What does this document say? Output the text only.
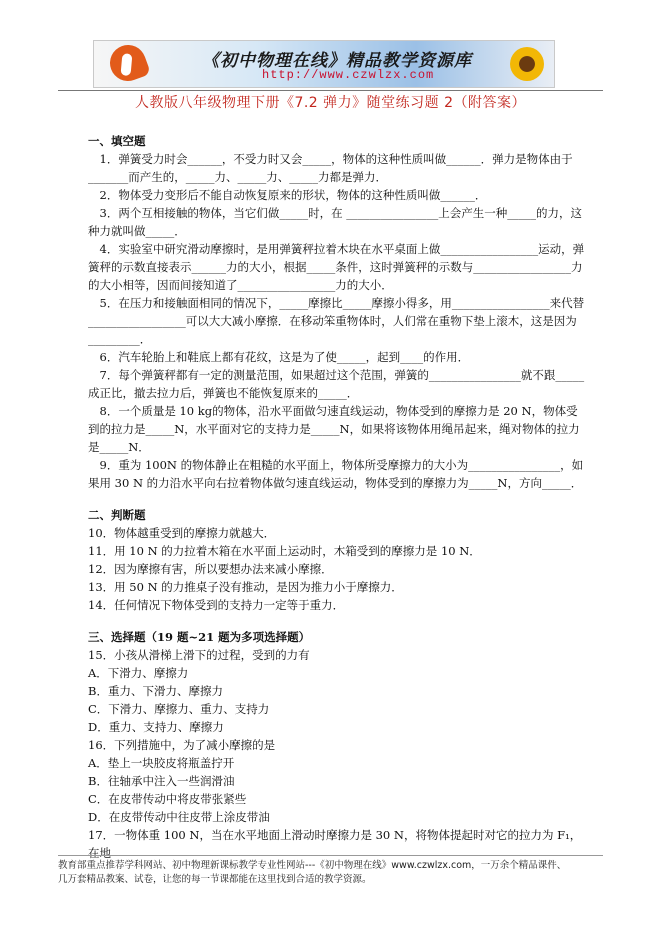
《初中物理在线》精品教学资源库
http://www.czwlzx.com
人教版八年级物理下册《7.2 弹力》随堂练习题 2（附答案）

一、填空题

1．弹簧受力时会______，不受力时又会_____，物体的这种性质叫做______．弹力是物体由于_______而产生的，_____力、_____力、_____力都是弹力．

2．物体受力变形后不能自动恢复原来的形状，物体的这种性质叫做______．

3．两个互相接触的物体，当它们做_____时，在 ________________上会产生一种_____的力，这种力就叫做_____．

4．实验室中研究滑动摩擦时，是用弹簧秤拉着木块在水平桌面上做_________________运动，弹簧秤的示数直接表示______力的大小，根据_____条件，这时弹簧秤的示数与_________________力的大小相等，因而间接知道了_________________力的大小．

5．在压力和接触面相同的情况下，_____摩擦比_____摩擦小得多，用_________________来代替_________________可以大大减小摩擦．在移动笨重物体时，人们常在重物下垫上滚木，这是因为_________．

6．汽车轮胎上和鞋底上都有花纹，这是为了使_____，起到____的作用．

7．每个弹簧秤都有一定的测量范围，如果超过这个范围，弹簧的________________就不跟_____成正比，撤去拉力后，弹簧也不能恢复原来的_____．

8．一个质量是 10 kg的物体，沿水平面做匀速直线运动，物体受到的摩擦力是 20 N，物体受到的拉力是_____N，水平面对它的支持力是_____N，如果将该物体用绳吊起来，绳对物体的拉力是_____N．

9．重为 100N 的物体静止在粗糙的水平面上，物体所受摩擦力的大小为________________，如果用 30 N 的力沿水平向右拉着物体做匀速直线运动，物体受到的摩擦力为_____N，方向_____．

二、判断题

10．物体越重受到的摩擦力就越大．

11．用 10 N 的力拉着木箱在水平面上运动时，木箱受到的摩擦力是 10 N．

12．因为摩擦有害，所以要想办法来减小摩擦．

13．用 50 N 的力推桌子没有推动，是因为推力小于摩擦力．

14．任何情况下物体受到的支持力一定等于重力．

三、选择题（19 题~21 题为多项选择题）

15．小孩从滑梯上滑下的过程，受到的力有

A．下滑力、摩擦力

B．重力、下滑力、摩擦力

C．下滑力、摩擦力、重力、支持力

D．重力、支持力、摩擦力

16．下列措施中，为了减小摩擦的是

A．垫上一块胶皮将瓶盖拧开

B．往轴承中注入一些润滑油

C．在皮带传动中将皮带张紧些

D．在皮带传动中往皮带上涂皮带油

17．一物体重 100 N，当在水平地面上滑动时摩擦力是 30 N，将物体提起时对它的拉力为 F₁，在地

教育部重点推荐学科网站、初中物理新课标教学专业性网站---《初中物理在线》www.czwlzx.com，一万余个精品课件、
几万套精品教案、试卷，让您的每一节课都能在这里找到合适的教学资源。
